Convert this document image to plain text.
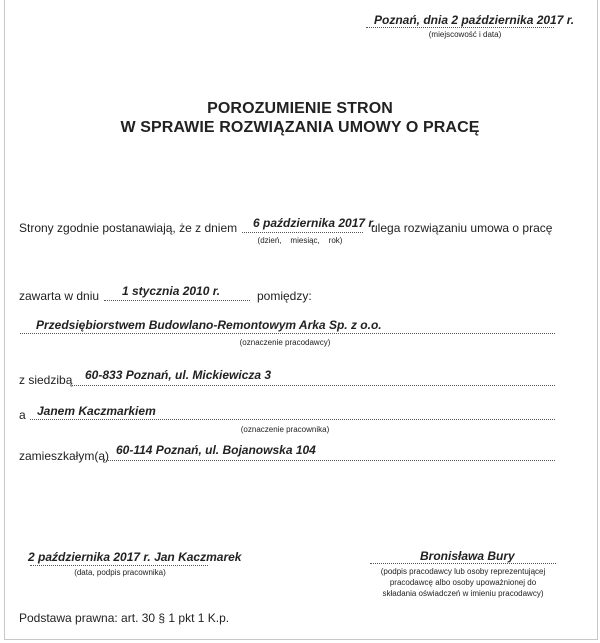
Poznań, dnia 2 października 2017 r.
(miejscowość i data)
POROZUMIENIE STRON
W SPRAWIE ROZWIĄZANIA UMOWY O PRACĘ
Strony zgodnie postanawiają, że z dniem 6 października 2017 r.
ulega rozwiązaniu umowa o pracę
(dzień,    miesiąc,    rok)
zawarta w dniu 1 stycznia 2010 r.	pomiędzy:
Przedsiębiorstwem Budowlano-Remontowym Arka Sp. z o.o.
(oznaczenie pracodawcy)
z siedzibą 60-833 Poznań, ul. Mickiewicza 3
a Janem Kaczmarkiem
(oznaczenie pracownika)
zamieszkałym(ą) 60-114 Poznań, ul. Bojanowska 104
2 października 2017 r. Jan Kaczmarek
(data, podpis pracownika)
Bronisława Bury
(podpis pracodawcy lub osoby reprezentującej
pracodawcę albo osoby upoważnionej do
składania oświadczeń w imieniu pracodawcy)
Podstawa prawna: art. 30 § 1 pkt 1 K.p.
